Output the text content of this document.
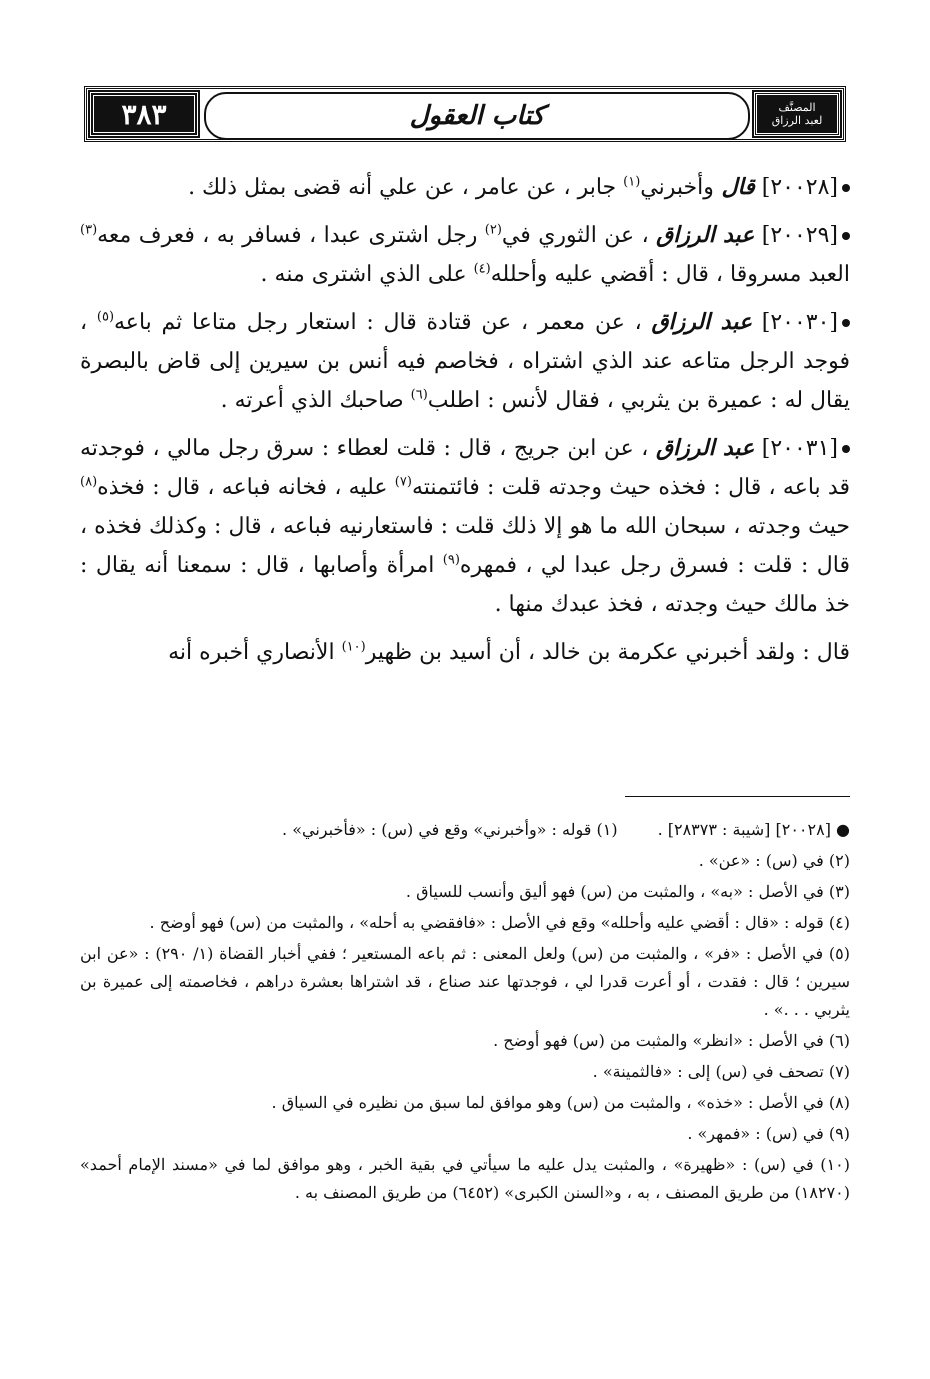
المصنَّف
لعبد الرزاق
كتاب العقول
٣٨٣

[٢٠٠٢٨] قال وأخبرني$^{(١)}$ جابر ، عن عامر ، عن علي أنه قضى بمثل ذلك .

[٢٠٠٢٩] عبد الرزاق ، عن الثوري في$^{(٢)}$ رجل اشترى عبدا ، فسافر به ، فعرف معه$^{(٣)}$ العبد مسروقا ، قال : أقضي عليه وأحلله$^{(٤)}$ على الذي اشترى منه .

[٢٠٠٣٠] عبد الرزاق ، عن معمر ، عن قتادة قال : استعار رجل متاعا ثم باعه$^{(٥)}$ ، فوجد الرجل متاعه عند الذي اشتراه ، فخاصم فيه أنس بن سيرين إلى قاض بالبصرة يقال له : عميرة بن يثربي ، فقال لأنس : اطلب$^{(٦)}$ صاحبك الذي أعرته .

[٢٠٠٣١] عبد الرزاق ، عن ابن جريج ، قال : قلت لعطاء : سرق رجل مالي ، فوجدته قد باعه ، قال : فخذه حيث وجدته قلت : فائتمنته$^{(٧)}$ عليه ، فخانه فباعه ، قال : فخذه$^{(٨)}$ حيث وجدته ، سبحان الله ما هو إلا ذلك قلت : فاستعارنيه فباعه ، قال : وكذلك فخذه ، قال : قلت : فسرق رجل عبدا لي ، فمهره$^{(٩)}$ امرأة وأصابها ، قال : سمعنا أنه يقال : خذ مالك حيث وجدته ، فخذ عبدك منها .

قال : ولقد أخبرني عكرمة بن خالد ، أن أسيد بن ظهير$^{(١٠)}$ الأنصاري أخبره أنه

● [٢٠٠٢٨] [شيبة : ٢٨٣٧٣] .
(١) قوله : «وأخبرني» وقع في (س) : «فأخبرني» .

(٢) في (س) : «عن» .

(٣) في الأصل : «به» ، والمثبت من (س) فهو أليق وأنسب للسياق .

(٤) قوله : «قال : أقضي عليه وأحلله» وقع في الأصل : «فافقضي به أحله» ، والمثبت من (س) فهو أوضح .

(٥) في الأصل : «فر» ، والمثبت من (س) ولعل المعنى : ثم باعه المستعير ؛ ففي أخبار القضاة (١/ ٢٩٠) : «عن ابن سيرين ؛ قال : فقدت ، أو أعرت قدرا لي ، فوجدتها عند صناع ، قد اشتراها بعشرة دراهم ، فخاصمته إلى عميرة بن يثربي . . .» .

(٦) في الأصل : «انظر» والمثبت من (س) فهو أوضح .

(٧) تصحف في (س) إلى : «فالثمينة» .

(٨) في الأصل : «خذه» ، والمثبت من (س) وهو موافق لما سبق من نظيره في السياق .

(٩) في (س) : «فمهر» .

(١٠) في (س) : «ظهيرة» ، والمثبت يدل عليه ما سيأتي في بقية الخبر ، وهو موافق لما في «مسند الإمام أحمد» (١٨٢٧٠) من طريق المصنف ، به ، و«السنن الكبرى» (٦٤٥٢) من طريق المصنف به .
